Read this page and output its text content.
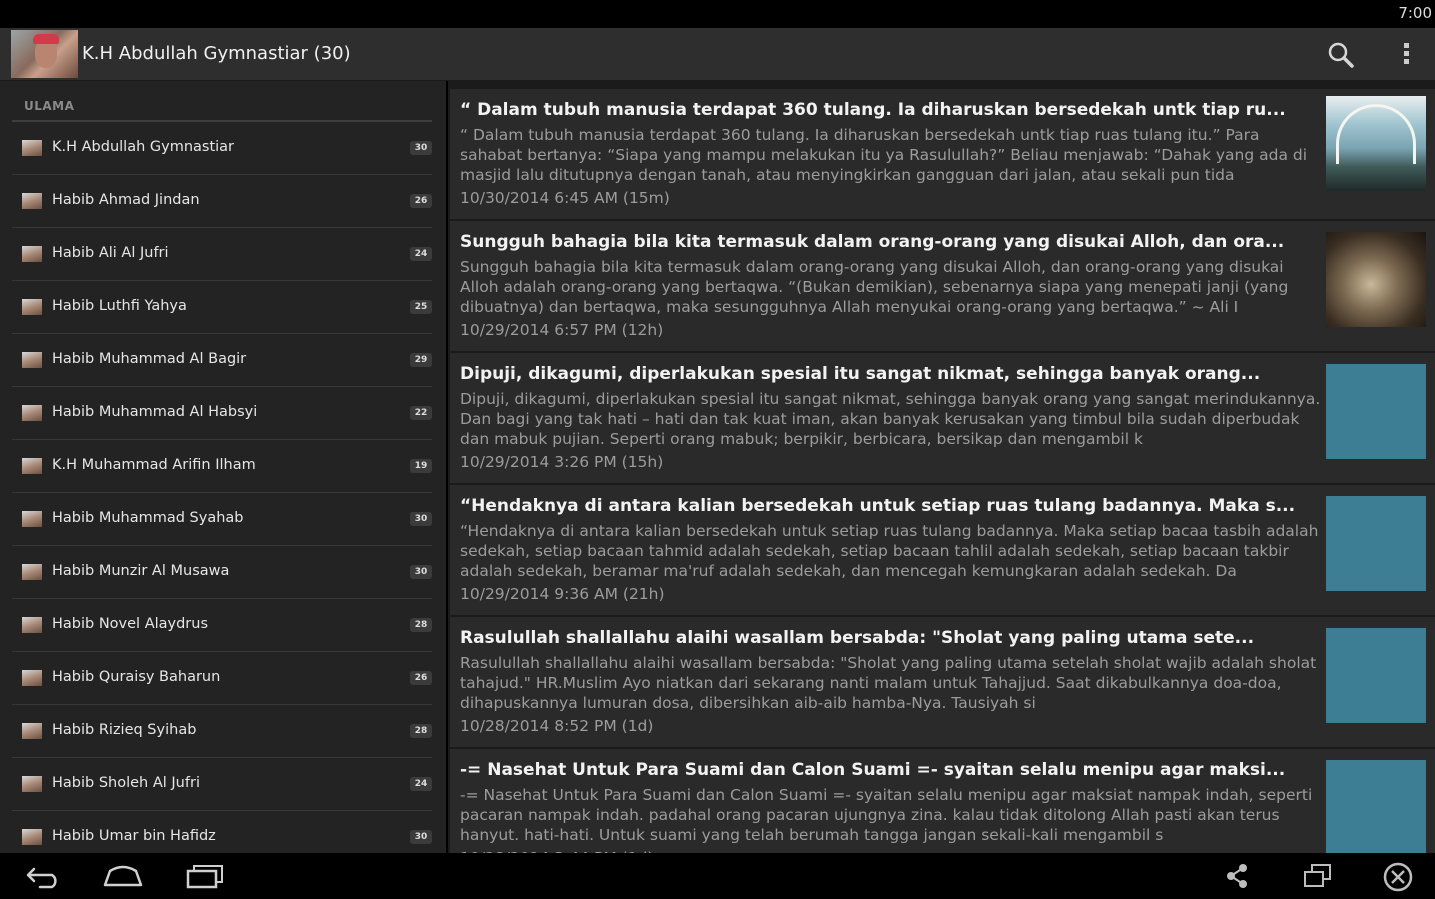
7:00
K.H Abdullah Gymnastiar (30)
ULAMA
K.H Abdullah Gymnastiar	30
Habib Ahmad Jindan	26
Habib Ali Al Jufri	24
Habib Luthfi Yahya	25
Habib Muhammad Al Bagir	29
Habib Muhammad Al Habsyi	22
K.H Muhammad Arifin Ilham	19
Habib Muhammad Syahab	30
Habib Munzir Al Musawa	30
Habib Novel Alaydrus	28
Habib Quraisy Baharun	26
Habib Rizieq Syihab	28
Habib Sholeh Al Jufri	24
Habib Umar bin Hafidz	30
“ Dalam tubuh manusia terdapat 360 tulang. Ia diharuskan bersedekah untk tiap ru...
“ Dalam tubuh manusia terdapat 360 tulang. Ia diharuskan bersedekah untk tiap ruas tulang itu.” Para sahabat bertanya: “Siapa yang mampu melakukan itu ya Rasulullah?” Beliau menjawab: “Dahak yang ada di masjid lalu ditutupnya dengan tanah, atau menyingkirkan gangguan dari jalan, atau sekali pun tida
10/30/2014 6:45 AM (15m)
Sungguh bahagia bila kita termasuk dalam orang-orang yang disukai Alloh, dan ora...
Sungguh bahagia bila kita termasuk dalam orang-orang yang disukai Alloh, dan orang-orang yang disukai Alloh adalah orang-orang yang bertaqwa. “(Bukan demikian), sebenarnya siapa yang menepati janji (yang dibuatnya) dan bertaqwa, maka sesungguhnya Allah menyukai orang-orang yang bertaqwa.” ~ Ali I
10/29/2014 6:57 PM (12h)
Dipuji, dikagumi, diperlakukan spesial itu sangat nikmat, sehingga banyak orang...
Dipuji, dikagumi, diperlakukan spesial itu sangat nikmat, sehingga banyak orang yang sangat merindukannya. Dan bagi yang tak hati – hati dan tak kuat iman, akan banyak kerusakan yang timbul bila sudah diperbudak dan mabuk pujian. Seperti orang mabuk; berpikir, berbicara, bersikap dan mengambil k
10/29/2014 3:26 PM (15h)
“Hendaknya di antara kalian bersedekah untuk setiap ruas tulang badannya. Maka s...
“Hendaknya di antara kalian bersedekah untuk setiap ruas tulang badannya. Maka setiap bacaa tasbih adalah sedekah, setiap bacaan tahmid adalah sedekah, setiap bacaan tahlil adalah sedekah, setiap bacaan takbir adalah sedekah, beramar ma'ruf adalah sedekah, dan mencegah kemungkaran adalah sedekah. Da
10/29/2014 9:36 AM (21h)
Rasulullah shallallahu alaihi wasallam bersabda: "Sholat yang paling utama sete...
Rasulullah shallallahu alaihi wasallam bersabda: "Sholat yang paling utama setelah sholat wajib adalah sholat tahajud." HR.Muslim Ayo niatkan dari sekarang nanti malam untuk Tahajjud. Saat dikabulkannya doa-doa, dihapuskannya lumuran dosa, dibersihkan aib-aib hamba-Nya. Tausiyah si
10/28/2014 8:52 PM (1d)
-= Nasehat Untuk Para Suami dan Calon Suami =- syaitan selalu menipu agar maksi...
-= Nasehat Untuk Para Suami dan Calon Suami =- syaitan selalu menipu agar maksiat nampak indah, seperti pacaran nampak indah. padahal orang pacaran ujungnya zina. kalau tidak ditolong Allah pasti akan terus hanyut. hati-hati. Untuk suami yang telah berumah tangga jangan sekali-kali mengambil s
